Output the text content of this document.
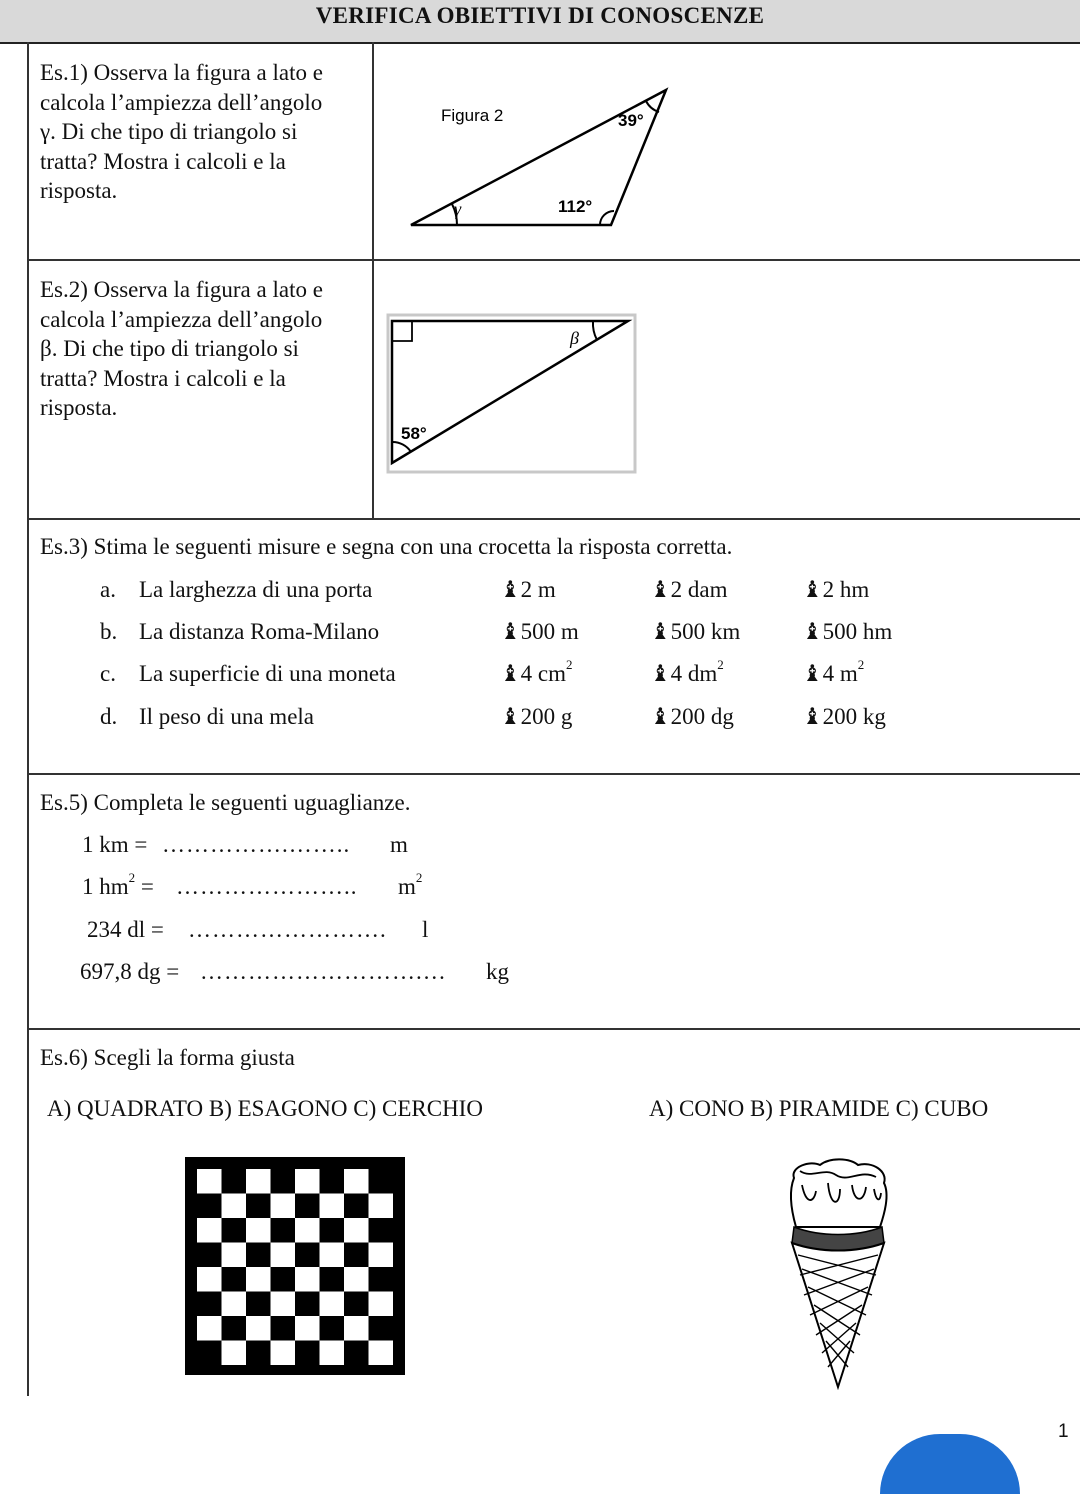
VERIFICA OBIETTIVI DI CONOSCENZE
Es.1) Osserva la figura a lato e
calcola l’ampiezza dell’angolo
γ. Di che tipo di triangolo si
tratta? Mostra i calcoli e la
risposta.
Figura 2	39°
112°
γ
Es.2) Osserva la figura a lato e
calcola l’ampiezza dell’angolo
β. Di che tipo di triangolo si
tratta? Mostra i calcoli e la
risposta.
β
58°
Es.3) Stima le seguenti misure e segna con una crocetta la risposta corretta.
a. La larghezza di una porta	♝2 m	♝2 dam	♝2 hm
b. La distanza Roma-Milano	♝500 m	♝500 km	♝500 hm
c. La superficie di una moneta	♝4 $cm^2$	♝4 $dm^2$	♝4 $m^2$
d. Il peso di una mela	♝200 g	♝200 dg	♝200 kg
Es.5) Completa le seguenti uguaglianze.
1 km = …………….…….. m
1 $hm^2$ = ………………….. $m^2$
234 dl = ……………………. l
697,8 dg = ……………………….… kg
Es.6) Scegli la forma giusta
A) QUADRATO B) ESAGONO C) CERCHIO	A) CONO B) PIRAMIDE C) CUBO
1
